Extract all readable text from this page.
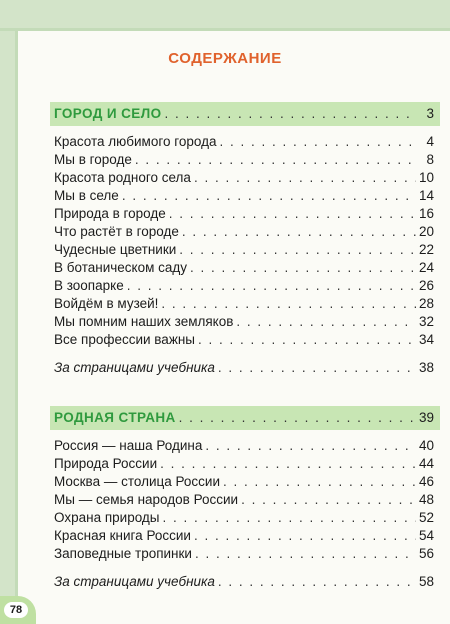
СОДЕРЖАНИЕ
ГОРОД И СЕЛО . . .	3
Красота любимого города . . .	4
Мы в городе . . .	8
Красота родного села . . .	10
Мы в селе . . .	14
Природа в городе . . .	16
Что растёт в городе . . .	20
Чудесные цветники . . .	22
В ботаническом саду . . .	24
В зоопарке . . .	26
Войдём в музей! . . .	28
Мы помним наших земляков . . .	32
Все профессии важны . . .	34
За страницами учебника . . .	38
РОДНАЯ СТРАНА . . .	39
Россия — наша Родина . . .	40
Природа России . . .	44
Москва — столица России . . .	46
Мы — семья народов России . . .	48
Охрана природы . . .	52
Красная книга России . . .	54
Заповедные тропинки . . .	56
За страницами учебника . . .	58
78
